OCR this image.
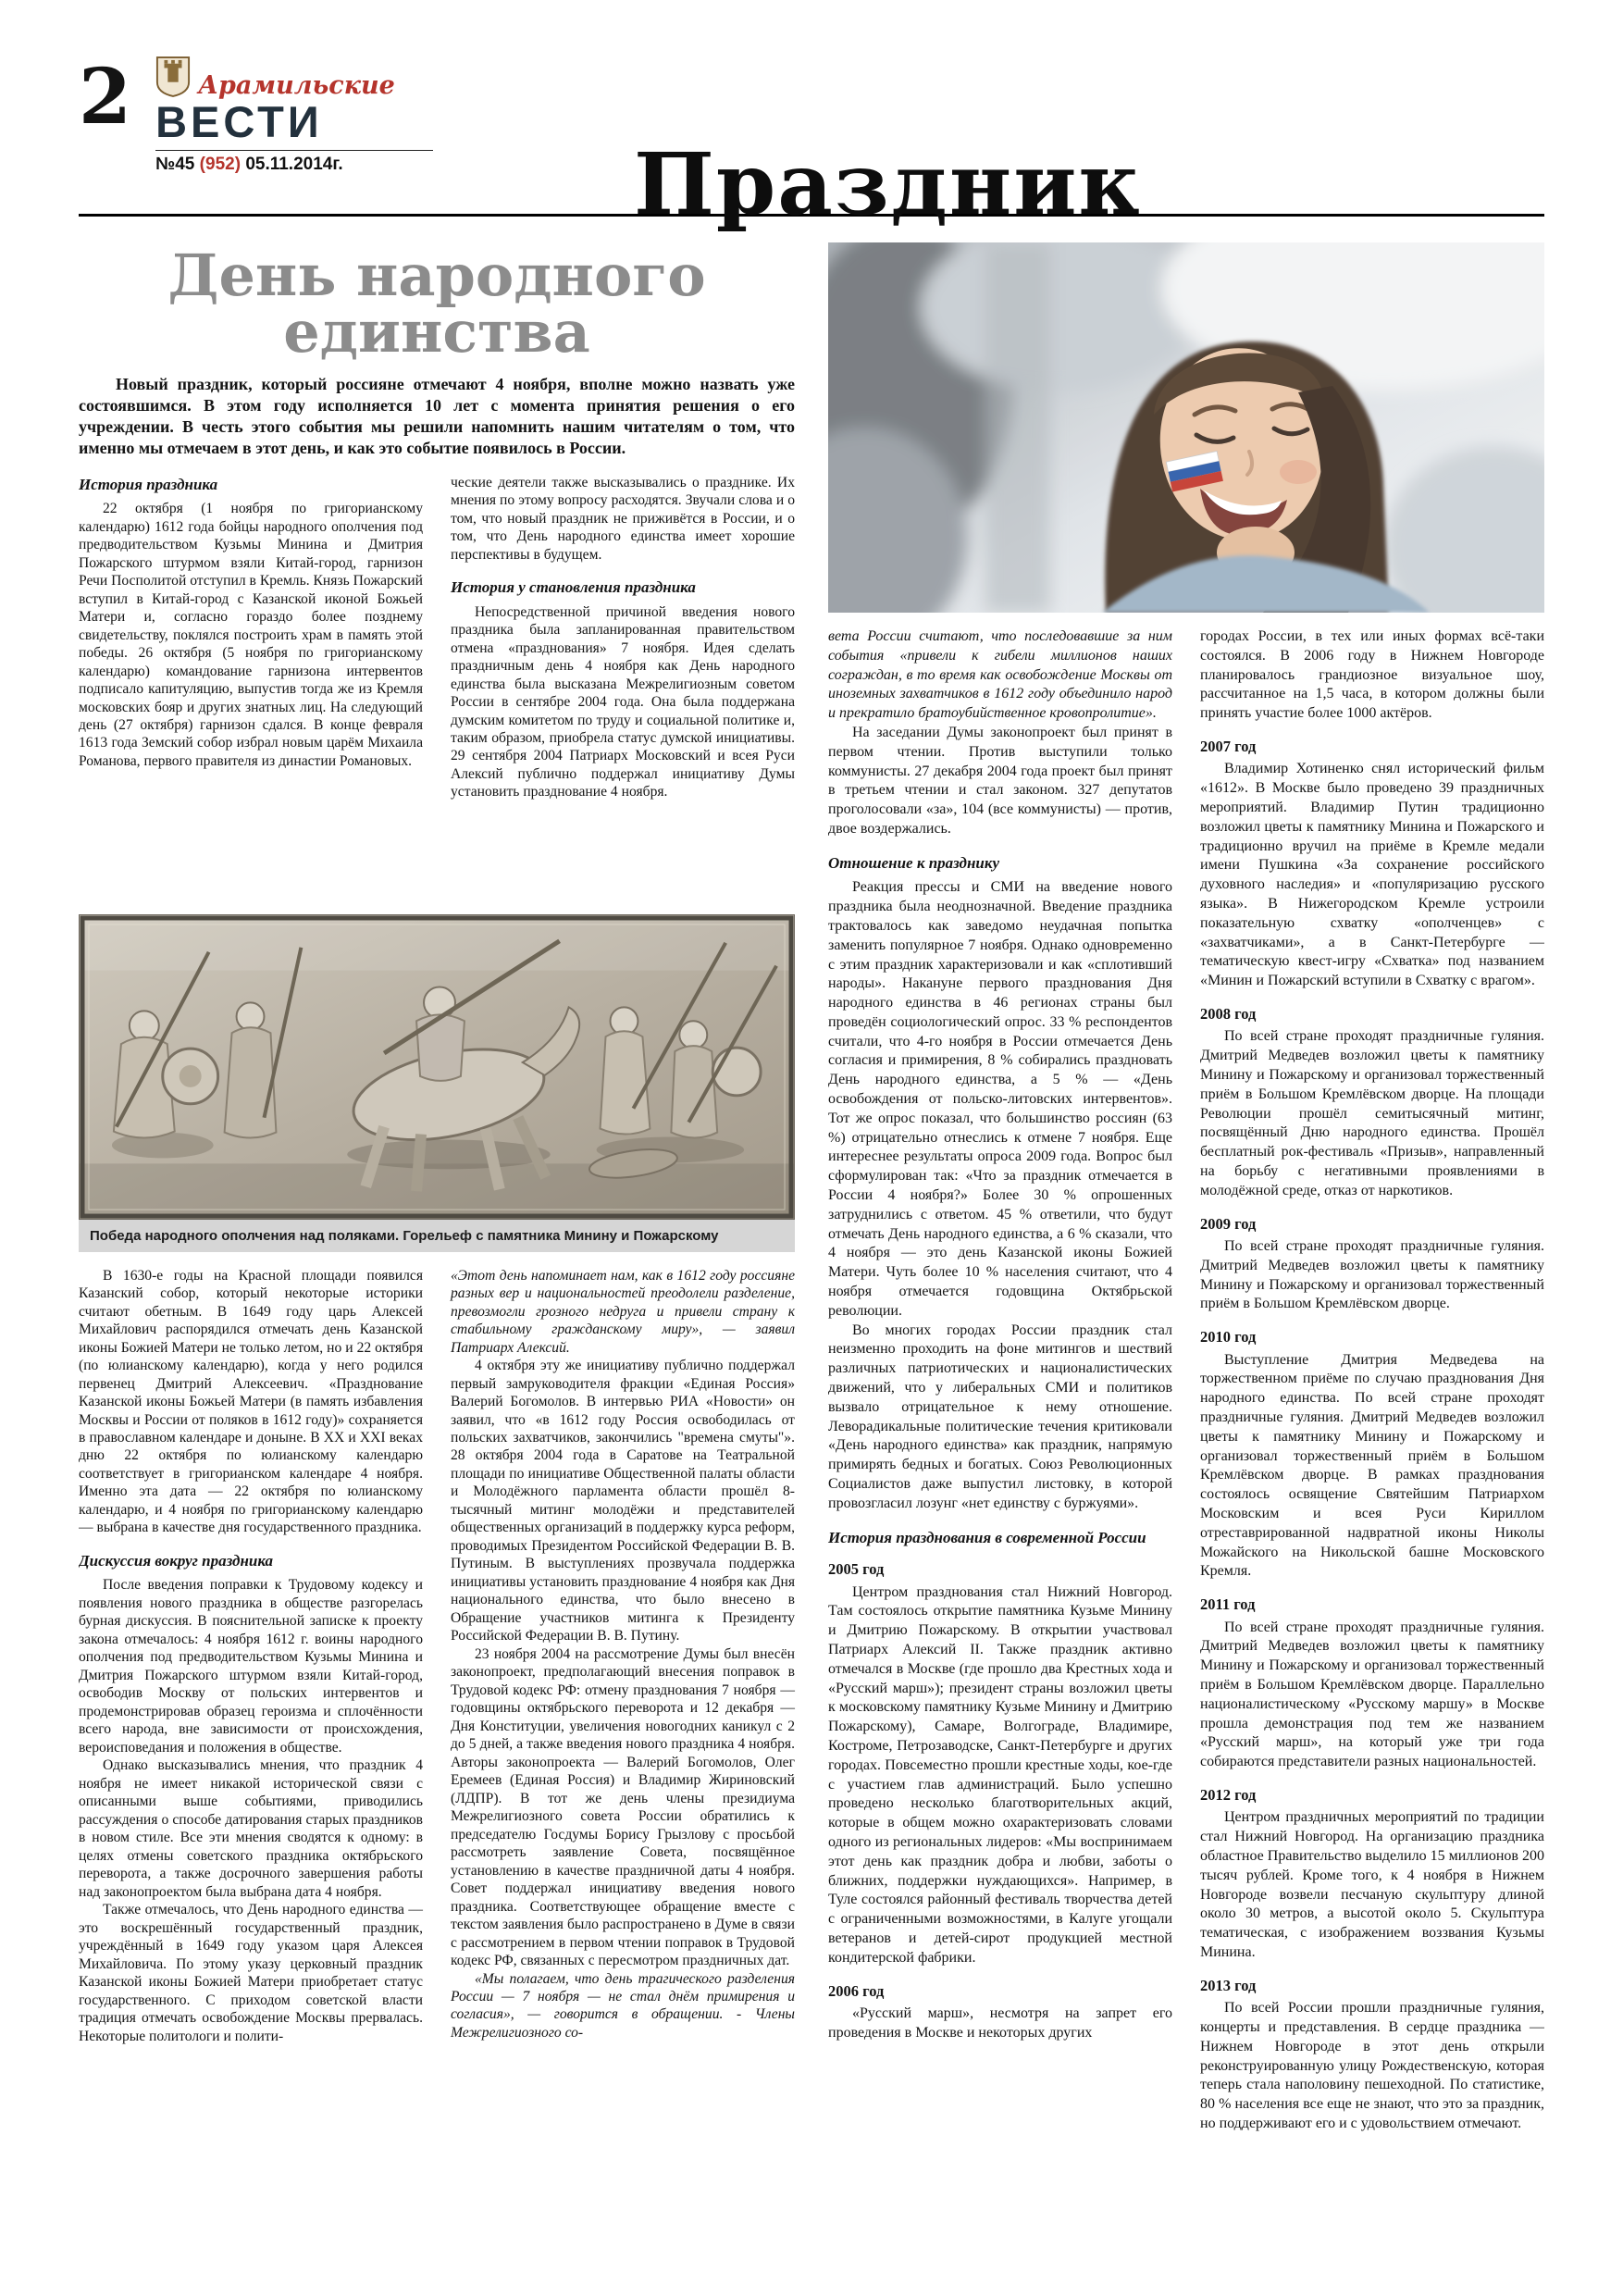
2	Арамильские
ВЕСТИ
№45 (952) 05.11.2014г.	Праздник
День народного
единства

Новый праздник, который россияне отмечают 4 ноября, вполне можно назвать уже состоявшимся. В этом году исполняется 10 лет с момента принятия решения о его учреждении. В честь этого события мы решили напомнить нашим читателям о том, что именно мы отмечаем в этот день, и как это событие появилось в России.

История праздника

22 октября (1 ноября по григорианскому календарю) 1612 года бойцы народного ополчения под предводительством Кузьмы Минина и Дмитрия Пожарского штурмом взяли Китай-город, гарнизон Речи Посполитой отступил в Кремль. Князь Пожарский вступил в Китай-город с Казанской иконой Божьей Матери и, согласно гораздо более позднему свидетельству, поклялся построить храм в память этой победы. 26 октября (5 ноября по григорианскому календарю) командование гарнизона интервентов подписало капитуляцию, выпустив тогда же из Кремля московских бояр и других знатных лиц. На следующий день (27 октября) гарнизон сдался. В конце февраля 1613 года Земский собор избрал новым царём Михаила Романова, первого правителя из династии Романовых.

ческие деятели также высказывались о празднике. Их мнения по этому вопросу расходятся. Звучали слова и о том, что новый праздник не приживётся в России, и о том, что День народного единства имеет хорошие перспективы в будущем.

История у становления праздника

Непосредственной причиной введения нового праздника была запланированная правительством отмена «празднования» 7 ноября. Идея сделать праздничным день 4 ноября как День народного единства была высказана Межрелигиозным советом России в сентябре 2004 года. Она была поддержана думским комитетом по труду и социальной политике и, таким образом, приобрела статус думской инициативы. 29 сентября 2004 Патриарх Московский и всея Руси Алексий публично поддержал инициативу Думы установить празднование 4 ноября.

Победа народного ополчения над поляками. Горельеф с памятника Минину и Пожарскому

В 1630-е годы на Красной площади появился Казанский собор, который некоторые историки считают обетным. В 1649 году царь Алексей Михайлович распорядился отмечать день Казанской иконы Божией Матери не только летом, но и 22 октября (по юлианскому календарю), когда у него родился первенец Дмитрий Алексеевич. «Празднование Казанской иконы Божьей Матери (в память избавления Москвы и России от поляков в 1612 году)» сохраняется в православном календаре и доныне. В XX и XXI веках дню 22 октября по юлианскому календарю соответствует в григорианском календаре 4 ноября. Именно эта дата — 22 октября по юлианскому календарю, и 4 ноября по григорианскому календарю — выбрана в качестве дня государственного праздника.

Дискуссия вокруг праздника

После введения поправки к Трудовому кодексу и появления нового праздника в обществе разгорелась бурная дискуссия. В пояснительной записке к проекту закона отмечалось: 4 ноября 1612 г. воины народного ополчения под предводительством Кузьмы Минина и Дмитрия Пожарского штурмом взяли Китай-город, освободив Москву от польских интервентов и продемонстрировав образец героизма и сплочённости всего народа, вне зависимости от происхождения, вероисповедания и положения в обществе.

Однако высказывались мнения, что праздник 4 ноября не имеет никакой исторической связи с описанными выше событиями, приводились рассуждения о способе датирования старых праздников в новом стиле. Все эти мнения сводятся к одному: в целях отмены советского праздника октябрьского переворота, а также досрочного завершения работы над законопроектом была выбрана дата 4 ноября.

Также отмечалось, что День народного единства — это воскрешённый государственный праздник, учреждённый в 1649 году указом царя Алексея Михайловича. По этому указу церковный праздник Казанской иконы Божией Матери приобретает статус государственного. С приходом советской власти традиция отмечать освобождение Москвы прервалась. Некоторые политологи и полити-

«Этот день напоминает нам, как в 1612 году россияне разных вер и национальностей преодолели разделение, превозмогли грозного недруга и привели страну к стабильному гражданскому миру», — заявил Патриарх Алексий.

4 октября эту же инициативу публично поддержал первый замруководителя фракции «Единая Россия» Валерий Богомолов. В интервью РИА «Новости» он заявил, что «в 1612 году Россия освободилась от польских захватчиков, закончились "времена смуты"». 28 октября 2004 года в Саратове на Театральной площади по инициативе Общественной палаты области и Молодёжного парламента области прошёл 8-тысячный митинг молодёжи и представителей общественных организаций в поддержку курса реформ, проводимых Президентом Российской Федерации В. В. Путиным. В выступлениях прозвучала поддержка инициативы установить празднование 4 ноября как Дня национального единства, что было внесено в Обращение участников митинга к Президенту Российской Федерации В. В. Путину.

23 ноября 2004 на рассмотрение Думы был внесён законопроект, предполагающий внесения поправок в Трудовой кодекс РФ: отмену празднования 7 ноября — годовщины октябрьского переворота и 12 декабря — Дня Конституции, увеличения новогодних каникул с 2 до 5 дней, а также введения нового праздника 4 ноября. Авторы законопроекта — Валерий Богомолов, Олег Еремеев (Единая Россия) и Владимир Жириновский (ЛДПР). В тот же день члены президиума Межрелигиозного совета России обратились к председателю Госдумы Борису Грызлову с просьбой рассмотреть заявление Совета, посвящённое установлению в качестве праздничной даты 4 ноября. Совет поддержал инициативу введения нового праздника. Соответствующее обращение вместе с текстом заявления было распространено в Думе в связи с рассмотрением в первом чтении поправок в Трудовой кодекс РФ, связанных с пересмотром праздничных дат.

«Мы полагаем, что день трагического разделения России — 7 ноября — не стал днём примирения и согласия», — говорится в обращении. - Члены Межрелигиозного со-

вета России считают, что последовавшие за ним события «привели к гибели миллионов наших сограждан, в то время как освобождение Москвы от иноземных захватчиков в 1612 году объединило народ и прекратило братоубийственное кровопролитие».

На заседании Думы законопроект был принят в первом чтении. Против выступили только коммунисты. 27 декабря 2004 года проект был принят в третьем чтении и стал законом. 327 депутатов проголосовали «за», 104 (все коммунисты) — против, двое воздержались.

Отношение к празднику

Реакция прессы и СМИ на введение нового праздника была неоднозначной. Введение праздника трактовалось как заведомо неудачная попытка заменить популярное 7 ноября. Однако одновременно с этим праздник характеризовали и как «сплотивший народы». Накануне первого празднования Дня народного единства в 46 регионах страны был проведён социологический опрос. 33 % респондентов считали, что 4-го ноября в России отмечается День согласия и примирения, 8 % собирались праздновать День народного единства, а 5 % — «День освобождения от польско-литовских интервентов». Тот же опрос показал, что большинство россиян (63 %) отрицательно отнеслись к отмене 7 ноября. Еще интереснее результаты опроса 2009 года. Вопрос был сформулирован так: «Что за праздник отмечается в России 4 ноября?» Более 30 % опрошенных затруднились с ответом. 45 % ответили, что будут отмечать День народного единства, а 6 % сказали, что 4 ноября — это день Казанской иконы Божией Матери. Чуть более 10 % населения считают, что 4 ноября отмечается годовщина Октябрьской революции.

Во многих городах России праздник стал неизменно проходить на фоне митингов и шествий различных патриотических и националистических движений, что у либеральных СМИ и политиков вызвало отрицательное к нему отношение. Леворадикальные политические течения критиковали «День народного единства» как праздник, напрямую примирять бедных и богатых. Союз Революционных Социалистов даже выпустил листовку, в которой провозгласил лозунг «нет единству с буржуями».

История празднования в современной России
2005 год

Центром празднования стал Нижний Новгород. Там состоялось открытие памятника Кузьме Минину и Дмитрию Пожарскому. В открытии участвовал Патриарх Алексий II. Также праздник активно отмечался в Москве (где прошло два Крестных хода и «Русский марш»); президент страны возложил цветы к московскому памятнику Кузьме Минину и Дмитрию Пожарскому), Самаре, Волгограде, Владимире, Костроме, Петрозаводске, Санкт-Петербурге и других городах. Повсеместно прошли крестные ходы, кое-где с участием глав администраций. Было успешно проведено несколько благотворительных акций, которые в общем можно охарактеризовать словами одного из региональных лидеров: «Мы воспринимаем этот день как праздник добра и любви, заботы о ближних, поддержки нуждающихся». Например, в Туле состоялся районный фестиваль творчества детей с ограниченными возможностями, в Калуге угощали ветеранов и детей-сирот продукцией местной кондитерской фабрики.

2006 год

«Русский марш», несмотря на запрет его проведения в Москве и некоторых других

городах России, в тех или иных формах всё-таки состоялся. В 2006 году в Нижнем Новгороде планировалось грандиозное визуальное шоу, рассчитанное на 1,5 часа, в котором должны были принять участие более 1000 актёров.

2007 год

Владимир Хотиненко снял исторический фильм «1612». В Москве было проведено 39 праздничных мероприятий. Владимир Путин традиционно возложил цветы к памятнику Минина и Пожарского и традиционно вручил на приёме в Кремле медали имени Пушкина «За сохранение российского духовного наследия» и «популяризацию русского языка». В Нижегородском Кремле устроили показательную схватку «ополченцев» с «захватчиками», а в Санкт-Петербурге — тематическую квест-игру «Схватка» под названием «Минин и Пожарский вступили в Схватку с врагом».

2008 год

По всей стране проходят праздничные гуляния. Дмитрий Медведев возложил цветы к памятнику Минину и Пожарскому и организовал торжественный приём в Большом Кремлёвском дворце. На площади Революции прошёл семитысячный митинг, посвящённый Дню народного единства. Прошёл бесплатный рок-фестиваль «Призыв», направленный на борьбу с негативными проявлениями в молодёжной среде, отказ от наркотиков.

2009 год

По всей стране проходят праздничные гуляния. Дмитрий Медведев возложил цветы к памятнику Минину и Пожарскому и организовал торжественный приём в Большом Кремлёвском дворце.

2010 год

Выступление Дмитрия Медведева на торжественном приёме по случаю празднования Дня народного единства. По всей стране проходят праздничные гуляния. Дмитрий Медведев возложил цветы к памятнику Минину и Пожарскому и организовал торжественный приём в Большом Кремлёвском дворце. В рамках празднования состоялось освящение Святейшим Патриархом Московским и всея Руси Кириллом отреставрированной надвратной иконы Николы Можайского на Никольской башне Московского Кремля.

2011 год

По всей стране проходят праздничные гуляния. Дмитрий Медведев возложил цветы к памятнику Минину и Пожарскому и организовал торжественный приём в Большом Кремлёвском дворце. Параллельно националистическому «Русскому маршу» в Москве прошла демонстрация под тем же названием «Русский марш», на который уже три года собираются представители разных национальностей.

2012 год

Центром праздничных мероприятий по традиции стал Нижний Новгород. На организацию праздника областное Правительство выделило 15 миллионов 200 тысяч рублей. Кроме того, к 4 ноября в Нижнем Новгороде возвели песчаную скульптуру длиной около 30 метров, а высотой около 5. Скульптура тематическая, с изображением воззвания Кузьмы Минина.

2013 год

По всей России прошли праздничные гуляния, концерты и представления. В сердце праздника — Нижнем Новгороде в этот день открыли реконструированную улицу Рождественскую, которая теперь стала наполовину пешеходной. По статистике, 80 % населения все еще не знают, что это за праздник, но поддерживают его и с удовольствием отмечают.
